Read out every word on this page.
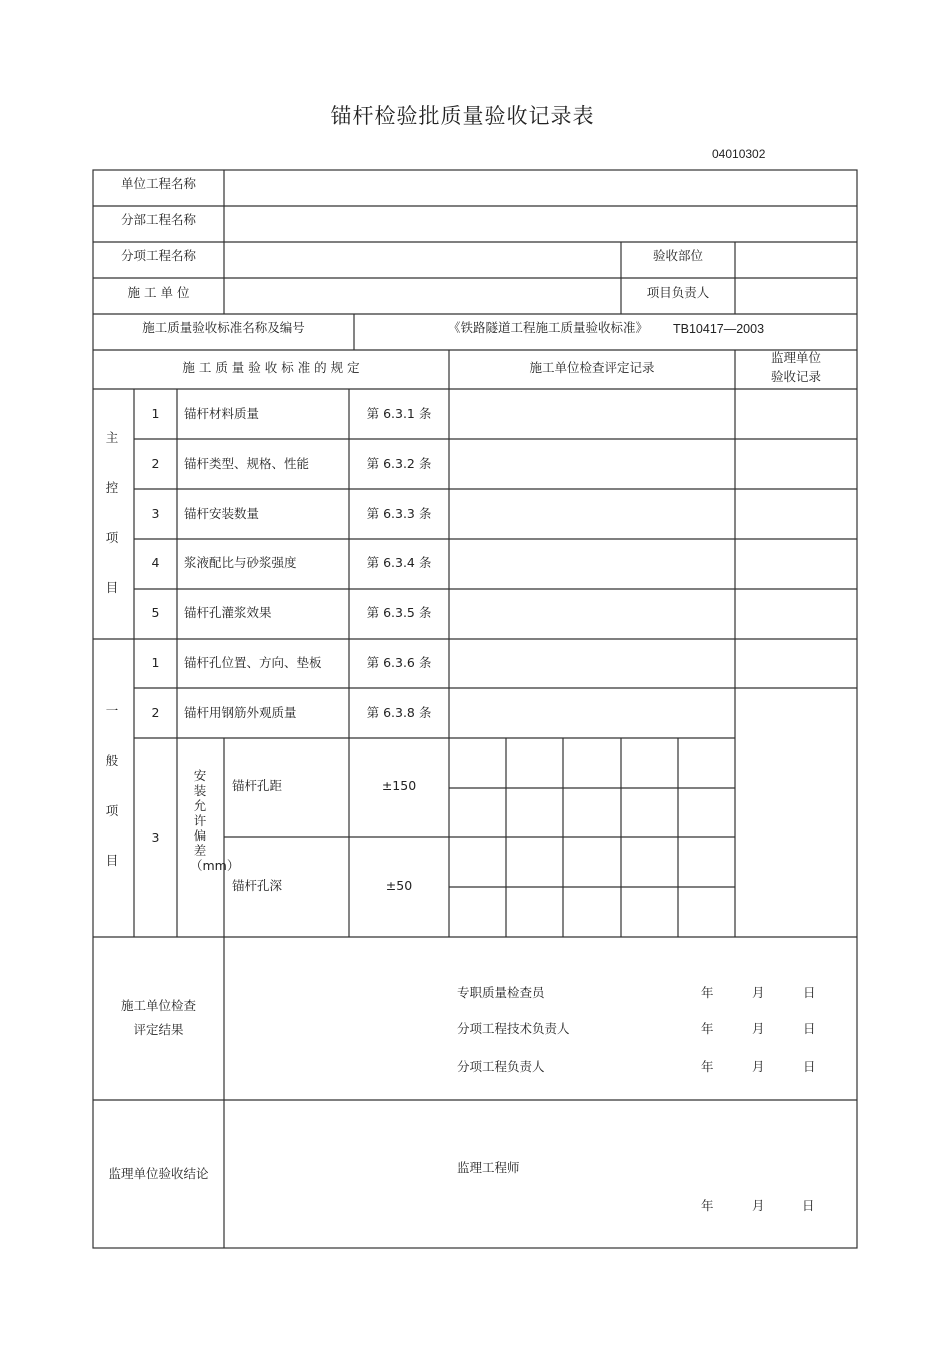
锚杆检验批质量验收记录表
04010302
单位工程名称
分部工程名称
分项工程名称	验收部位
施 工 单 位	项目负责人
施工质量验收标准名称及编号	《铁路隧道工程施工质量验收标准》 TB10417—2003
施 工 质 量 验 收 标 准 的 规 定	施工单位检查评定记录
监理单位
验收记录
主
控
项
目
1	锚杆材料质量	第 6.3.1 条
2	锚杆类型、规格、性能	第 6.3.2 条
3	锚杆安装数量	第 6.3.3 条
4	浆液配比与砂浆强度	第 6.3.4 条
5	锚杆孔灌浆效果	第 6.3.5 条
一
般
项
目
1	锚杆孔位置、方向、垫板	第 6.3.6 条
2	锚杆用钢筋外观质量	第 6.3.8 条
3
安装允许偏差（mm）
锚杆孔距	±150
锚杆孔深	±50
施工单位检查
评定结果
专职质量检查员	年	月	日
分项工程技术负责人	年	月	日
分项工程负责人	年	月	日
监理单位验收结论	监理工程师
年	月	日
